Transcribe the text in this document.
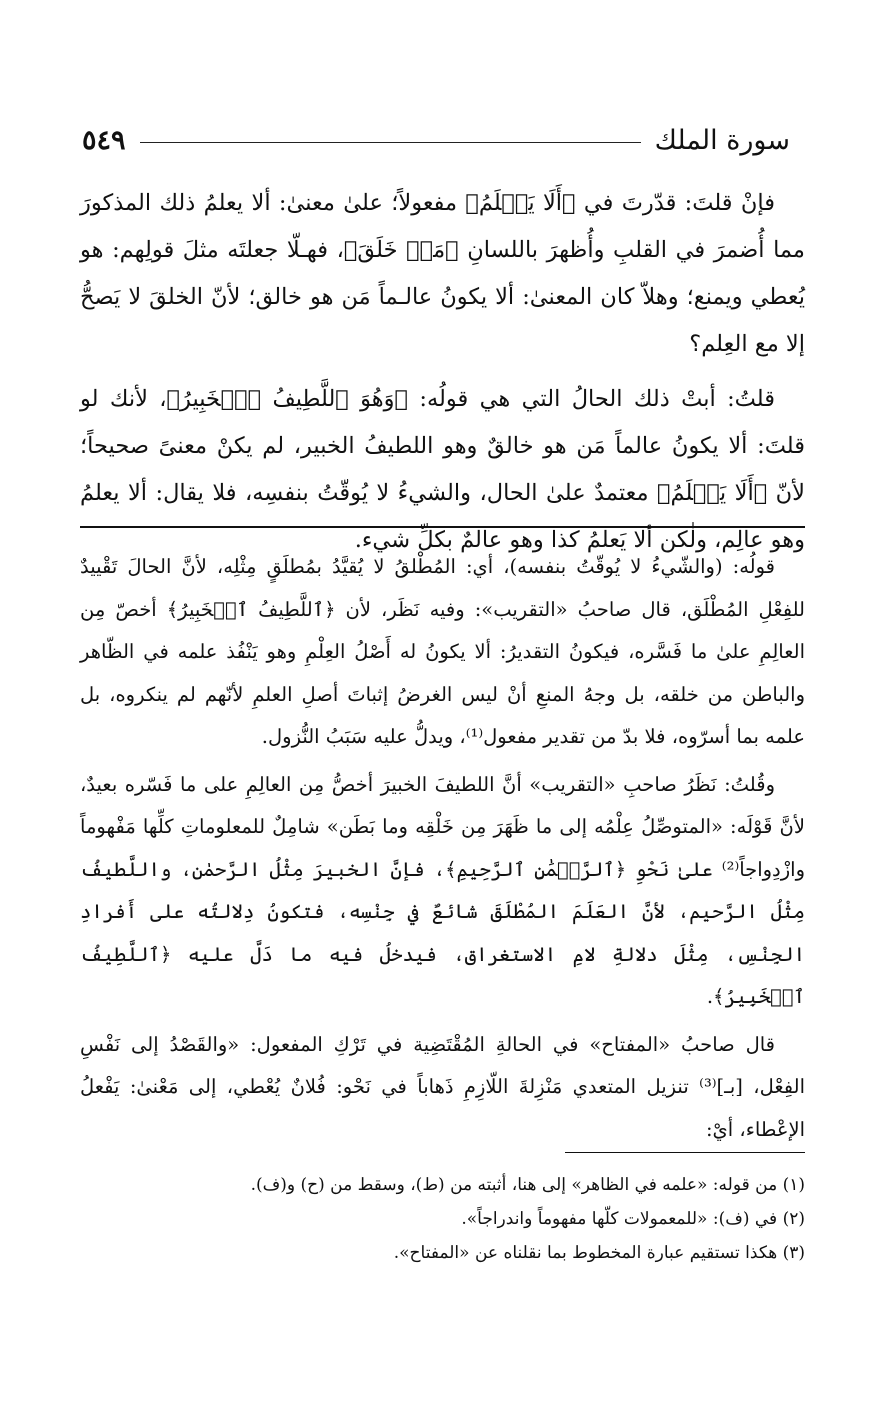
سورة الملك
٥٤٩

فإنْ قلتَ: قدّرتَ في ﴿أَلَا يَعۡلَمُ﴾ مفعولاً؛ علىٰ معنىٰ: ألا يعلمُ ذلك المذكورَ مما أُضمرَ في القلبِ وأُظهرَ باللسانِ ﴿مَنۡ خَلَقَ﴾، فهـلّا جعلتَه مثلَ قولِهم: هو يُعطي ويمنع؛ وهلاّ كان المعنىٰ: ألا يكونُ عالـماً مَن هو خالق؛ لأنّ الخلقَ لا يَصحُّ إلا مع العِلم؟

قلتُ: أبتْ ذلك الحالُ التي هي قولُه: ﴿وَهُوَ ٱللَّطِيفُ ٱلۡخَبِيرُ﴾، لأنك لو قلتَ: ألا يكونُ عالماً مَن هو خالقٌ وهو اللطيفُ الخبير، لم يكنْ معنىً صحيحاً؛ لأنّ ﴿أَلَا يَعۡلَمُ﴾ معتمدٌ علىٰ الحال، والشيءُ لا يُوقّتُ بنفسِه، فلا يقال: ألا يعلمُ وهو عالِم، ولٰكن ألا يَعلمُ كذا وهو عالمٌ بكلِّ شيء.

قولُه: (والشّيءُ لا يُوقّتُ بنفسه)، أي: المُطْلقُ لا يُقيَّدُ بمُطلَقٍ مِثْلِه، لأنَّ الحالَ تَقْييدٌ للفِعْلِ المُطْلَق، قال صاحبُ «التقريب»: وفيه نَظَر، لأن ﴿ٱللَّطِيفُ ٱلۡخَبِيرُ﴾ أخصّ مِن العالِمِ علىٰ ما فَسَّره، فيكونُ التقديرُ: ألا يكونُ له أَصْلُ العِلْمِ وهو يَنْفُذ علمه في الظّاهر والباطن من خلقه، بل وجهُ المنعِ أنْ ليس الغرضُ إثباتَ أصلِ العلمِ لأنّهم لم ينكروه، بل علمه بما أسرّوه، فلا بدّ من تقدير مفعول⁽¹⁾، ويدلُّ عليه سَبَبُ النُّزول.

وقُلتُ: نَظَرُ صاحبِ «التقريب» أنَّ اللطيفَ الخبيرَ أخصُّ مِن العالِمِ على ما فَسّره بعيدٌ، لأنَّ قَوْلَه: «المتوصِّلُ عِلْمُه إلى ما ظَهَرَ مِن خَلْقِه وما بَطَن» شامِلٌ للمعلوماتِ كلِّها مَفْهوماً وازْدِواجاً⁽²⁾ علىٰ نَحْوِ ﴿ٱلرَّحۡمَٰنِ ٱلرَّحِيمِ﴾، فإنَّ الخبيرَ مِثْلُ الرَّحمٰن، واللَّطيفُ مِثْلُ الرَّحيم، لأنَّ العَلَمَ المُطْلَقَ شائعٌ في جِنْسِه، فتكونُ دِلالتُه على أَفرادِ الجِنْسِ، مِثْلَ دلالةِ لامِ الاستغراق، فيدخلُ فيه ما دَلَّ عليه ﴿ٱللَّطِيفُ ٱلۡخَبِيرُ﴾.

قال صاحبُ «المفتاح» في الحالةِ المُقْتَضِية في تَرْكِ المفعول: «والقَصْدُ إلى نَفْسِ الفِعْل، [بـ]⁽³⁾ تنزيل المتعدي مَنْزِلةَ اللّازِمِ ذَهاباً في نَحْو: فُلانٌ يُعْطي، إلى مَعْنىٰ: يَفْعلُ الإعْطاء، أيْ:

(١) من قوله: «علمه في الظاهر» إلى هنا، أثبته من (ط)، وسقط من (ح) و(ف).

(٢) في (ف): «للمعمولات كلّها مفهوماً واندراجاً».

(٣) هكذا تستقيم عبارة المخطوط بما نقلناه عن «المفتاح».
